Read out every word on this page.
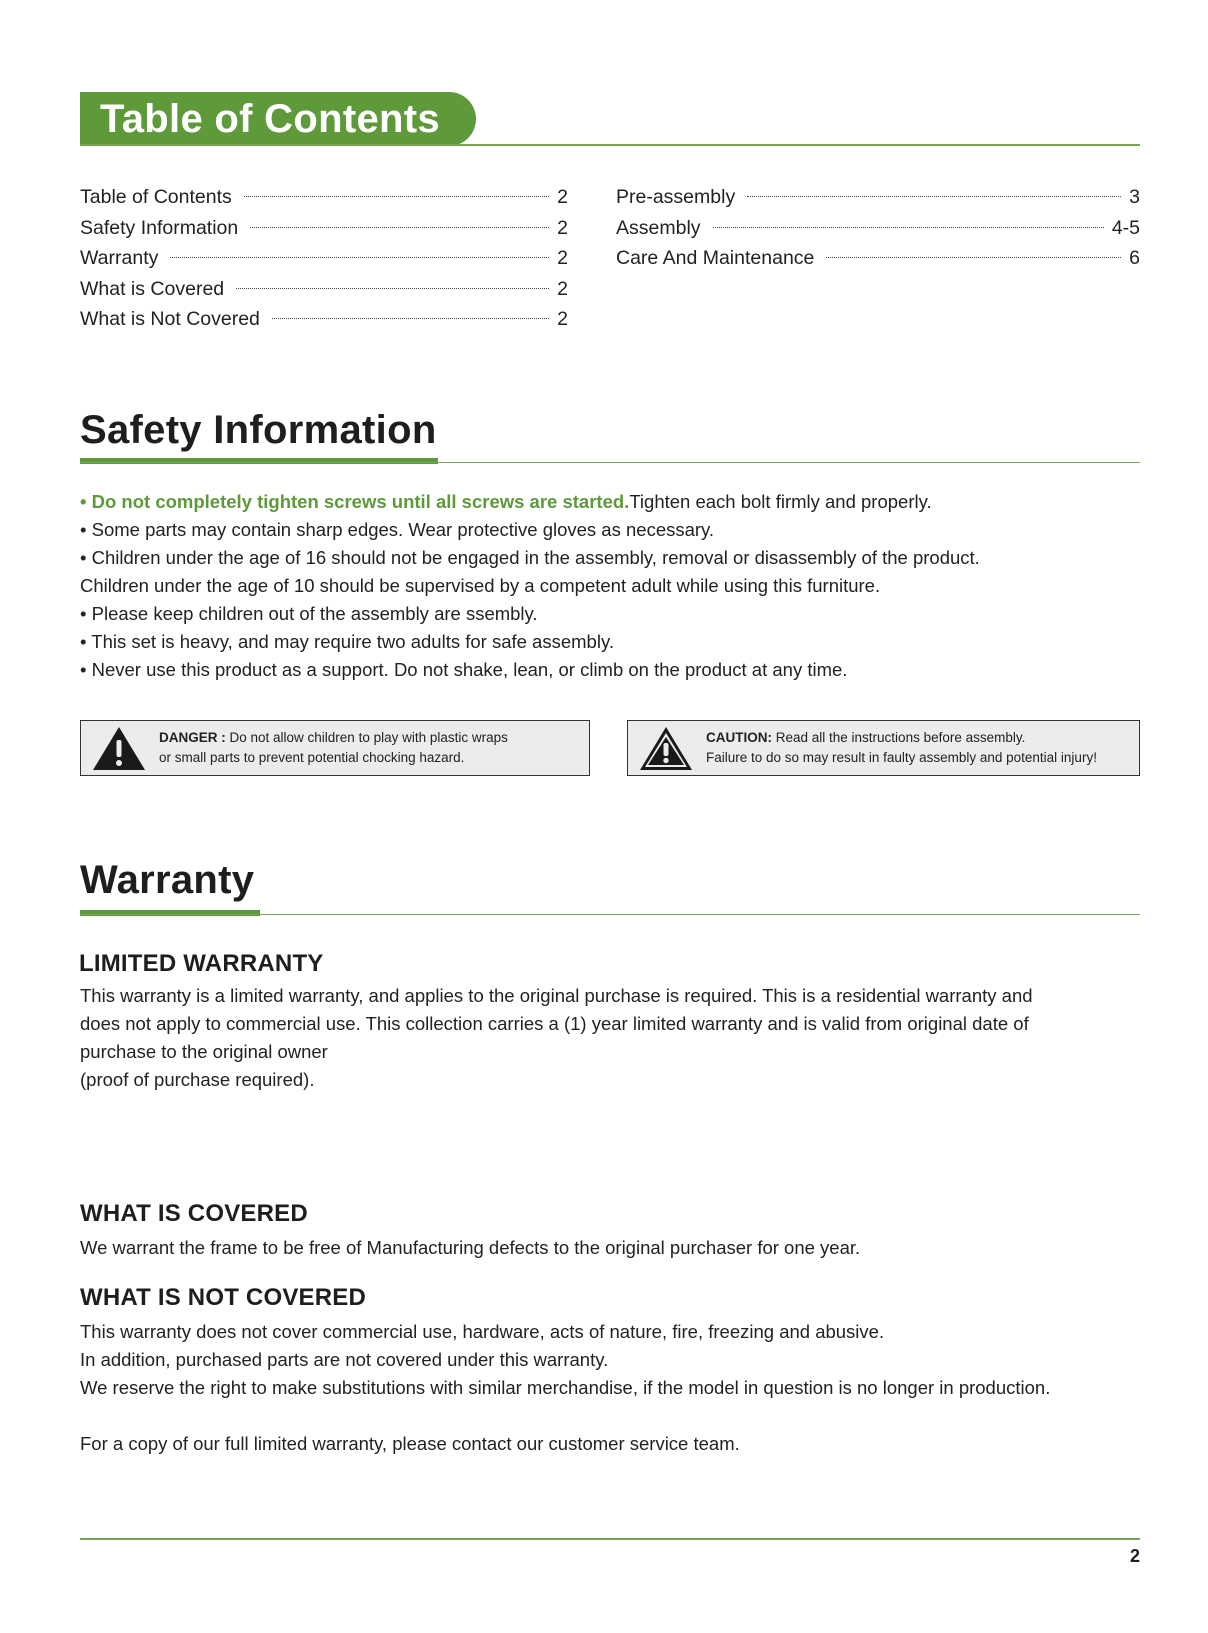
Table of Contents
Table of Contents	2
Safety Information	2
Warranty	2
What is Covered	2
What is Not Covered	2
Pre-assembly	3
Assembly	4-5
Care And Maintenance	6
Safety Information

• Do not completely tighten screws until all screws are started.Tighten each bolt firmly and properly.

• Some parts may contain sharp edges. Wear protective gloves as necessary.

• Children under the age of 16 should not be engaged in the assembly, removal or disassembly of the product.

Children under the age of 10 should be supervised by a competent adult while using this furniture.

• Please keep children out of the assembly are ssembly.

• This set is heavy, and may require two adults for safe assembly.

• Never use this product as a support. Do not shake, lean, or climb on the product at any time.

DANGER : Do not allow children to play with plastic wraps

or small parts to prevent potential chocking hazard.

CAUTION: Read all the instructions before assembly.

Failure to do so may result in faulty assembly and potential injury!

Warranty
LIMITED WARRANTY

This warranty is a limited warranty, and applies to the original purchase is required. This is a residential warranty and

does not apply to commercial use. This collection carries a (1) year limited warranty and is valid from original date of

purchase to the original owner

(proof of purchase required).

WHAT IS COVERED

We warrant the frame to be free of Manufacturing defects to the original purchaser for one year.

WHAT IS NOT COVERED

This warranty does not cover commercial use, hardware, acts of nature, fire, freezing and abusive.

In addition, purchased parts are not covered under this warranty.

We reserve the right to make substitutions with similar merchandise, if the model in question is no longer in production.

For a copy of our full limited warranty, please contact our customer service team.

2
